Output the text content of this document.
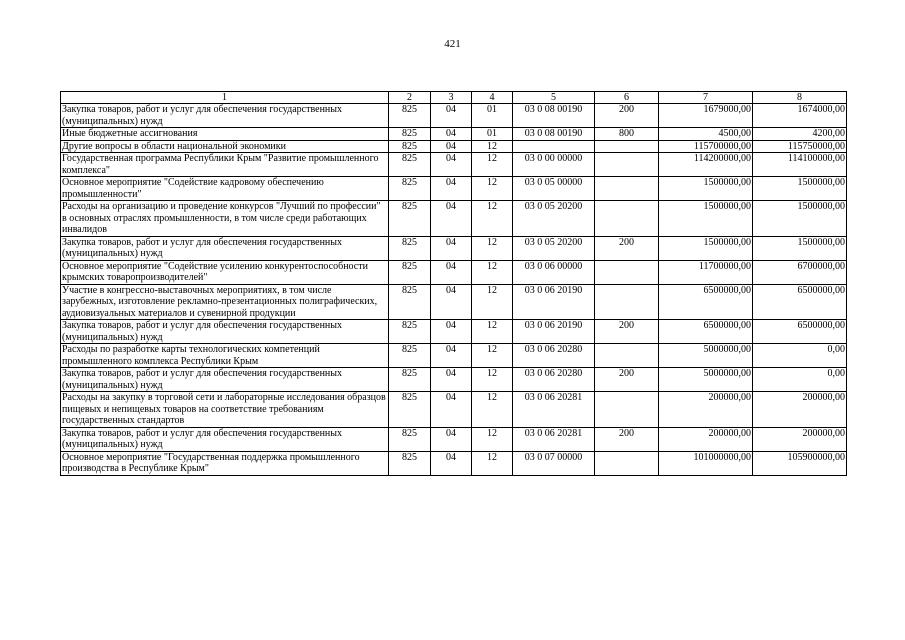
421
1	2	3	4	5	6	7	8
Закупка товаров, работ и услуг для обеспечения государственных (муниципальных) нужд	825	04	01	03 0 08 00190	200	1679000,00	1674000,00
Иные бюджетные ассигнования	825	04	01	03 0 08 00190	800	4500,00	4200,00
Другие вопросы в области национальной экономики	825	04	12			115700000,00	115750000,00
Государственная программа Республики Крым "Развитие промышленного комплекса"	825	04	12	03 0 00 00000		114200000,00	114100000,00
Основное мероприятие "Содействие кадровому обеспечению промышленности"	825	04	12	03 0 05 00000		1500000,00	1500000,00
Расходы на организацию и проведение конкурсов "Лучший по профессии" в основных отраслях промышленности, в том числе среди работающих инвалидов	825	04	12	03 0 05 20200		1500000,00	1500000,00
Закупка товаров, работ и услуг для обеспечения государственных (муниципальных) нужд	825	04	12	03 0 05 20200	200	1500000,00	1500000,00
Основное мероприятие "Содействие усилению конкурентоспособности крымских товаропроизводителей"	825	04	12	03 0 06 00000		11700000,00	6700000,00
Участие в конгрессно-выставочных мероприятиях, в том числе зарубежных, изготовление рекламно-презентационных полиграфических, аудиовизуальных материалов и сувенирной продукции	825	04	12	03 0 06 20190		6500000,00	6500000,00
Закупка товаров, работ и услуг для обеспечения государственных (муниципальных) нужд	825	04	12	03 0 06 20190	200	6500000,00	6500000,00
Расходы по разработке карты технологических компетенций промышленного комплекса Республики Крым	825	04	12	03 0 06 20280		5000000,00	0,00
Закупка товаров, работ и услуг для обеспечения государственных (муниципальных) нужд	825	04	12	03 0 06 20280	200	5000000,00	0,00
Расходы на закупку в торговой сети и лабораторные исследования образцов пищевых и непищевых товаров на соответствие требованиям государственных стандартов	825	04	12	03 0 06 20281		200000,00	200000,00
Закупка товаров, работ и услуг для обеспечения государственных (муниципальных) нужд	825	04	12	03 0 06 20281	200	200000,00	200000,00
Основное мероприятие "Государственная поддержка промышленного производства в Республике Крым"	825	04	12	03 0 07 00000		101000000,00	105900000,00
